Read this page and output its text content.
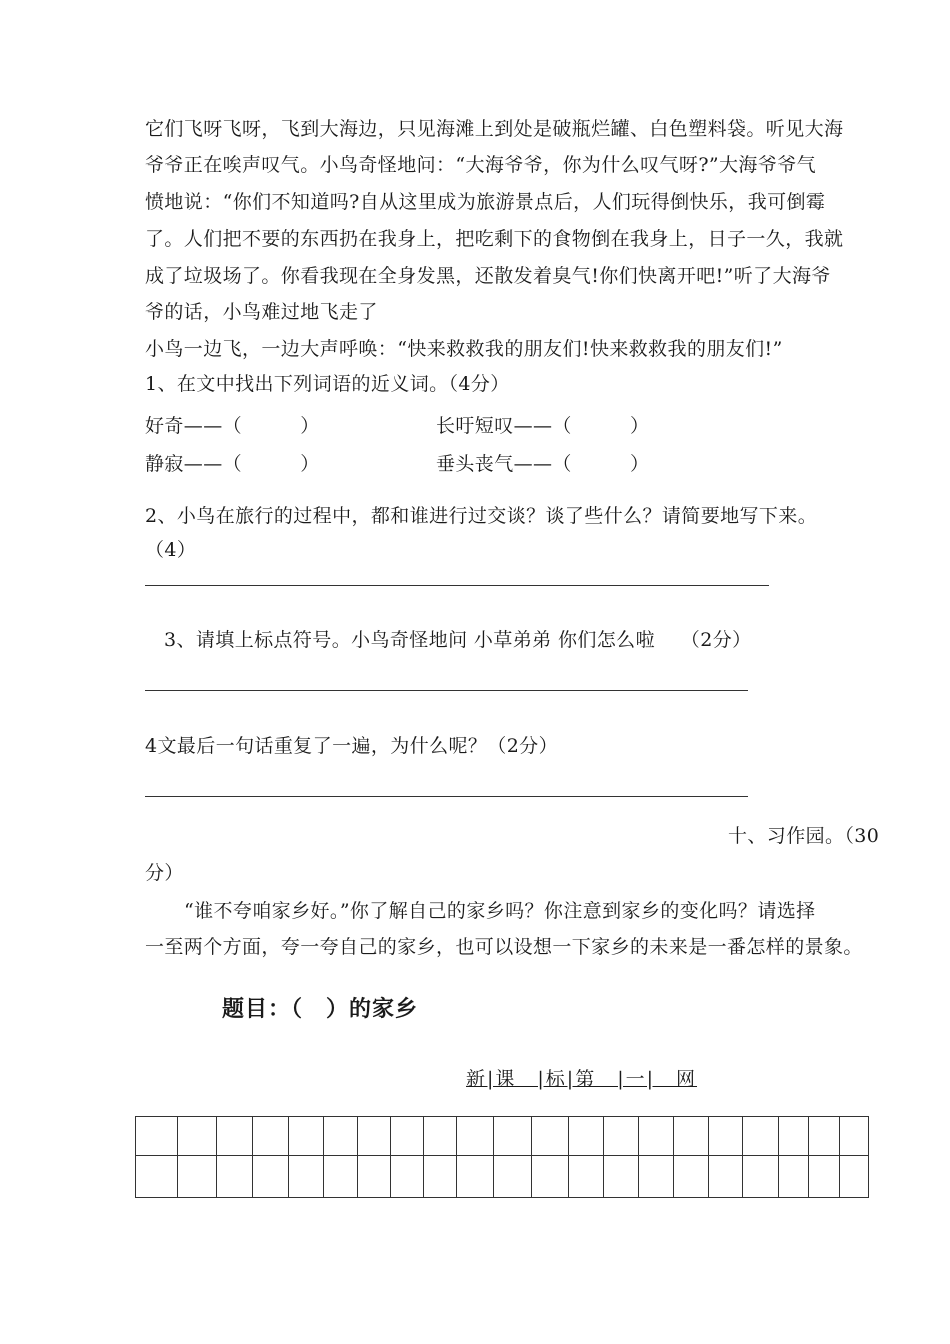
它们飞呀飞呀，飞到大海边，只见海滩上到处是破瓶烂罐、白色塑料袋。听见大海
爷爷正在唉声叹气。小鸟奇怪地问：“大海爷爷，你为什么叹气呀?”大海爷爷气
愤地说：“你们不知道吗?自从这里成为旅游景点后，人们玩得倒快乐，我可倒霉
了。人们把不要的东西扔在我身上，把吃剩下的食物倒在我身上，日子一久，我就
成了垃圾场了。你看我现在全身发黑，还散发着臭气!你们快离开吧!”听了大海爷
爷的话，小鸟难过地飞走了
小鸟一边飞，一边大声呼唤：“快来救救我的朋友们!快来救救我的朋友们!”
1、在文中找出下列词语的近义词。（4分）
好奇——（　　　）	长吁短叹——（　　　）
静寂——（　　　）	垂头丧气——（　　　）
2、小鸟在旅行的过程中，都和谁进行过交谈？谈了些什么？请简要地写下来。
（4）
3、请填上标点符号。小鸟奇怪地问 小草弟弟 你们怎么啦　 （2分）
4文最后一句话重复了一遍，为什么呢？（2分）
十、习作园。（30
分）
“谁不夸咱家乡好。”你了解自己的家乡吗？你注意到家乡的变化吗？请选择
一至两个方面，夸一夸自己的家乡，也可以设想一下家乡的未来是一番怎样的景象。
题目：（　）的家乡
新|课　|标|第　|一|　网
